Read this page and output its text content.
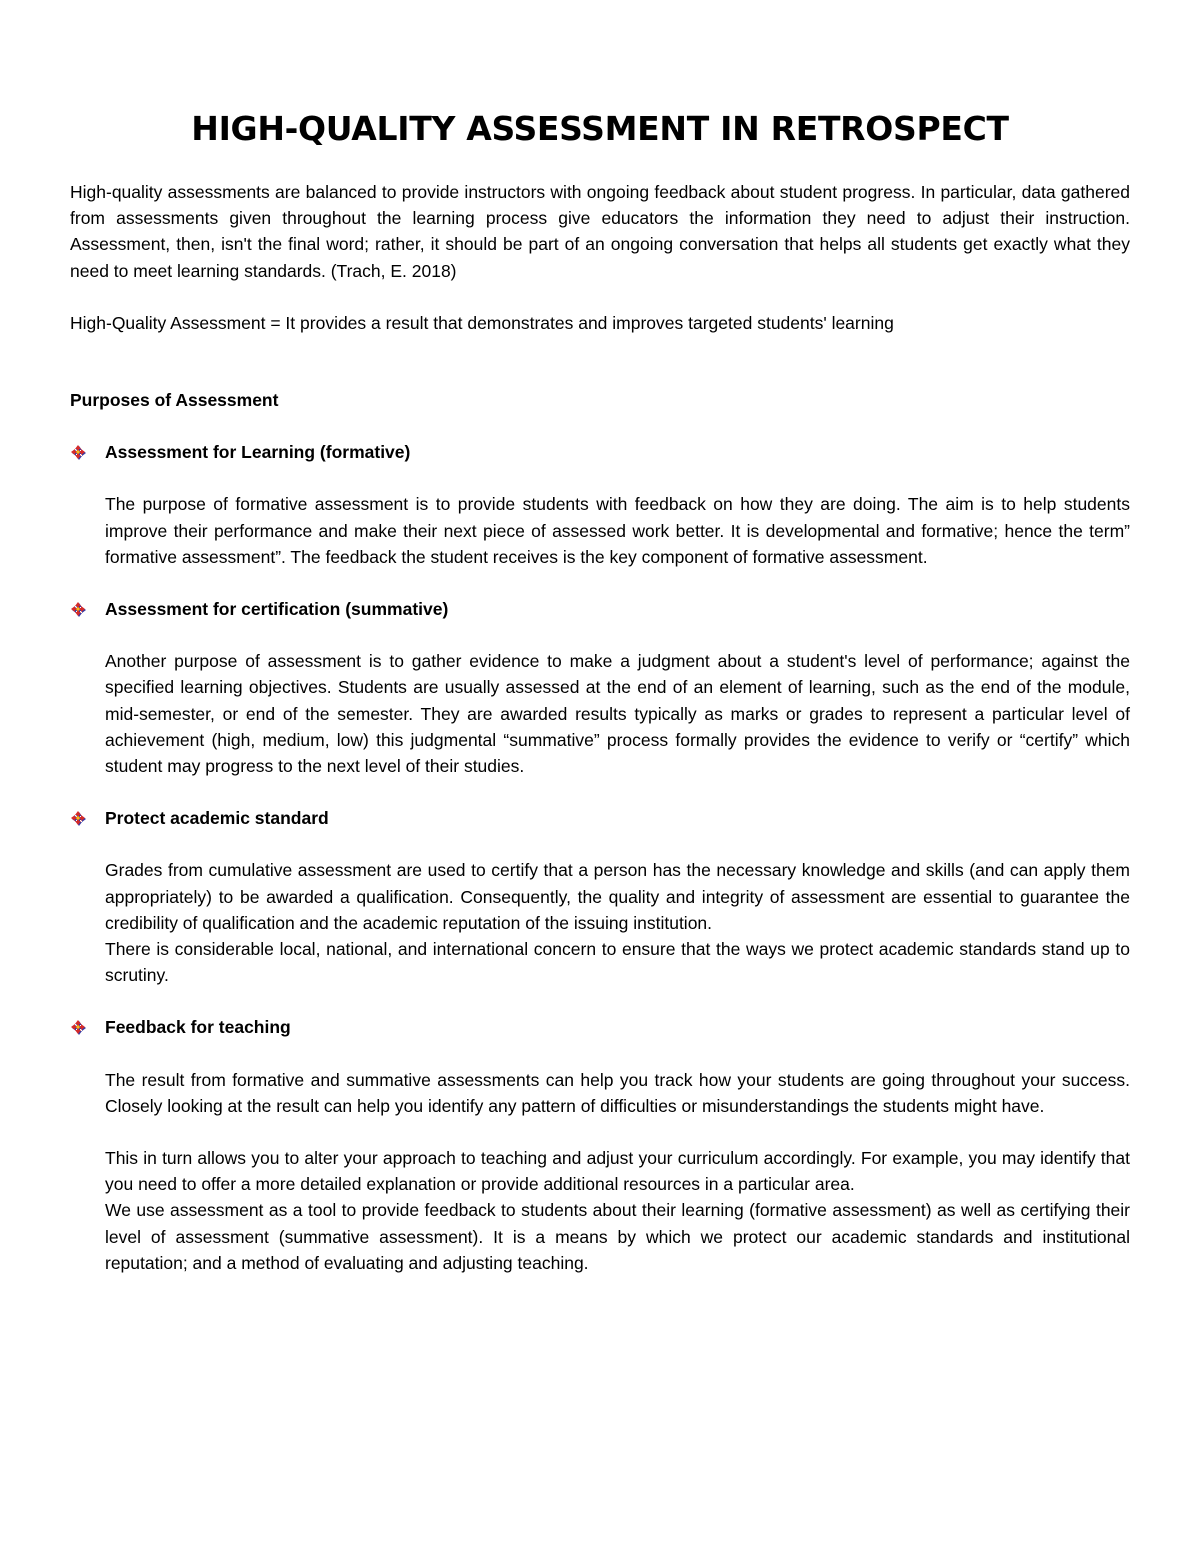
HIGH-QUALITY ASSESSMENT IN RETROSPECT

High-quality assessments are balanced to provide instructors with ongoing feedback about student progress. In particular, data gathered from assessments given throughout the learning process give educators the information they need to adjust their instruction. Assessment, then, isn't the final word; rather, it should be part of an ongoing conversation that helps all students get exactly what they need to meet learning standards. (Trach, E. 2018)

High-Quality Assessment = It provides a result that demonstrates and improves targeted students' learning

Purposes of Assessment

Assessment for Learning (formative)

The purpose of formative assessment is to provide students with feedback on how they are doing. The aim is to help students improve their performance and make their next piece of assessed work better. It is developmental and formative; hence the term” formative assessment”. The feedback the student receives is the key component of formative assessment.

Assessment for certification (summative)

Another purpose of assessment is to gather evidence to make a judgment about a student's level of performance; against the specified learning objectives. Students are usually assessed at the end of an element of learning, such as the end of the module, mid-semester, or end of the semester. They are awarded results typically as marks or grades to represent a particular level of achievement (high, medium, low) this judgmental “summative” process formally provides the evidence to verify or “certify” which student may progress to the next level of their studies.

Protect academic standard

Grades from cumulative assessment are used to certify that a person has the necessary knowledge and skills (and can apply them appropriately) to be awarded a qualification. Consequently, the quality and integrity of assessment are essential to guarantee the credibility of qualification and the academic reputation of the issuing institution.

There is considerable local, national, and international concern to ensure that the ways we protect academic standards stand up to scrutiny.

Feedback for teaching

The result from formative and summative assessments can help you track how your students are going throughout your success. Closely looking at the result can help you identify any pattern of difficulties or misunderstandings the students might have.

This in turn allows you to alter your approach to teaching and adjust your curriculum accordingly. For example, you may identify that you need to offer a more detailed explanation or provide additional resources in a particular area.

We use assessment as a tool to provide feedback to students about their learning (formative assessment) as well as certifying their level of assessment (summative assessment). It is a means by which we protect our academic standards and institutional reputation; and a method of evaluating and adjusting teaching.
